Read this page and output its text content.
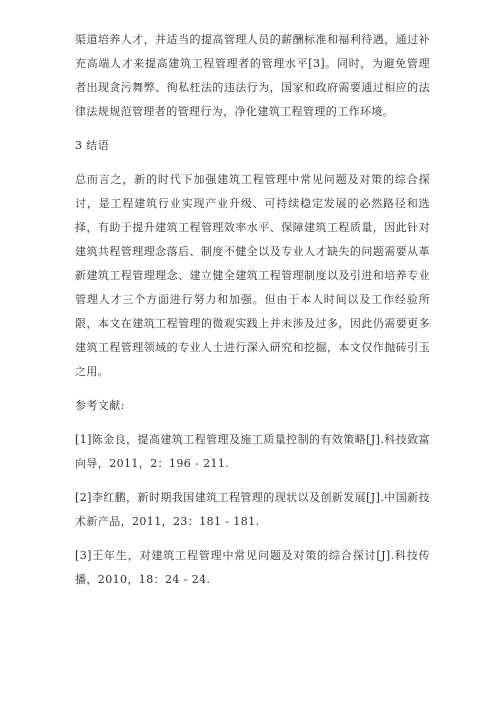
渠道培养人才，并适当的提高管理人员的薪酬标准和福利待遇，通过补充高端人才来提高建筑工程管理者的管理水平[3]。同时，为避免管理者出现贪污舞弊、徇私枉法的违法行为，国家和政府需要通过相应的法律法规规范管理者的管理行为，净化建筑工程管理的工作环境。

3 结语

总而言之，新的时代下加强建筑工程管理中常见问题及对策的综合探讨，是工程建筑行业实现产业升级、可持续稳定发展的必然路径和选择，有助于提升建筑工程管理效率水平、保障建筑工程质量，因此针对建筑共程管理理念落后、制度不健全以及专业人才缺失的问题需要从革新建筑工程管理理念、建立健全建筑工程管理制度以及引进和培养专业管理人才三个方面进行努力和加强。但由于本人时间以及工作经验所限，本文在建筑工程管理的微观实践上并未涉及过多，因此仍需要更多建筑工程管理领域的专业人士进行深入研究和挖掘，本文仅作抛砖引玉之用。

参考文献:

[1]陈金良，提高建筑工程管理及施工质量控制的有效策略[J].科技致富向导，2011，2：196 - 211.

[2]李红鹏，新时期我国建筑工程管理的现状以及创新发展[J].中国新技术新产品，2011，23：181 - 181.

[3]王年生，对建筑工程管理中常见问题及对策的综合探讨[J].科技传播，2010，18：24 - 24.
